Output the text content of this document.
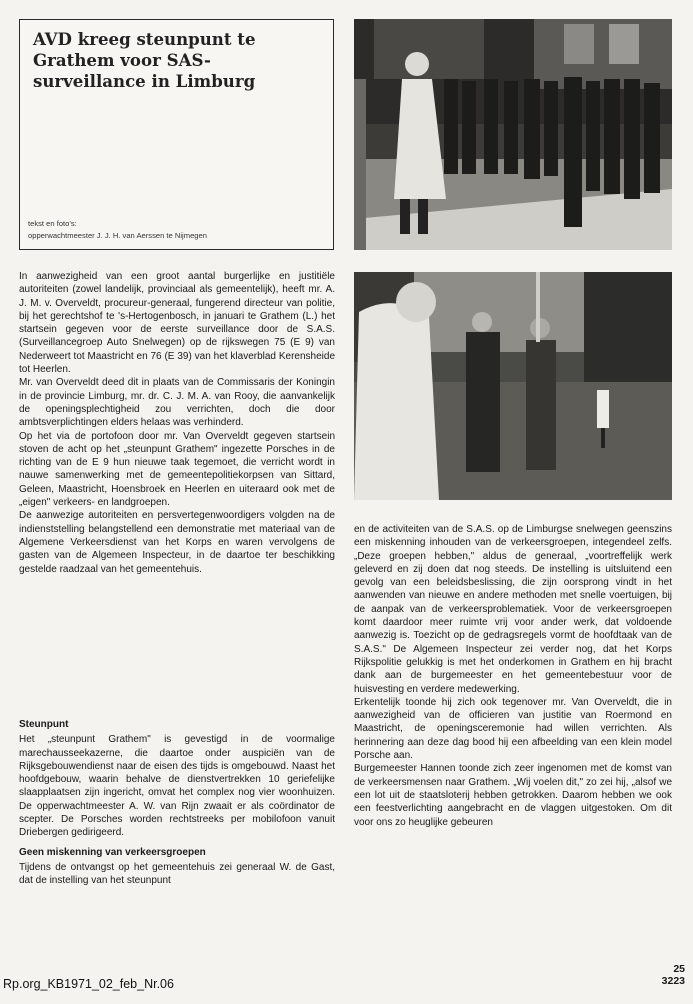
AVD kreeg steunpunt te Grathem voor SAS-surveillance in Limburg
tekst en foto's:
opperwachtmeester J. J. H. van Aerssen te Nijmegen

In aanwezigheid van een groot aantal burgerlijke en justitiële autoriteiten (zowel landelijk, provinciaal als gemeentelijk), heeft mr. A. J. M. v. Overveldt, procureur-generaal, fungerend directeur van politie, bij het gerechtshof te 's-Hertogenbosch, in januari te Grathem (L.) het startsein gegeven voor de eerste surveillance door de S.A.S. (Surveillancegroep Auto Snelwegen) op de rijkswegen 75 (E 9) van Nederweert tot Maastricht en 76 (E 39) van het klaverblad Kerensheide tot Heerlen.

Mr. van Overveldt deed dit in plaats van de Commissaris der Koningin in de provincie Limburg, mr. dr. C. J. M. A. van Rooy, die aanvankelijk de openingsplechtigheid zou verrichten, doch die door ambtsverplichtingen elders helaas was verhinderd.

Op het via de portofoon door mr. Van Overveldt gegeven startsein stoven de acht op het „steunpunt Grathem" ingezette Porsches in de richting van de E 9 hun nieuwe taak tegemoet, die verricht wordt in nauwe samenwerking met de gemeentepolitiekorpsen van Sittard, Geleen, Maastricht, Hoensbroek en Heerlen en uiteraard ook met de „eigen" verkeers- en landgroepen.

De aanwezige autoriteiten en persvertegenwoordigers volgden na de indienststelling belangstellend een demonstratie met materiaal van de Algemene Verkeersdienst van het Korps en waren vervolgens de gasten van de Algemeen Inspecteur, in de daartoe ter beschikking gestelde raadzaal van het gemeentehuis.

Steunpunt

Het „steunpunt Grathem" is gevestigd in de voormalige marechausseekazerne, die daartoe onder auspiciën van de Rijksgebouwendienst naar de eisen des tijds is omgebouwd. Naast het hoofdgebouw, waarin behalve de dienstvertrekken 10 geriefelijke slaapplaatsen zijn ingericht, omvat het complex nog vier woonhuizen. De opperwachtmeester A. W. van Rijn zwaait er als coördinator de scepter. De Porsches worden rechtstreeks per mobilofoon vanuit Driebergen gedirigeerd.

Geen miskenning van verkeersgroepen

Tijdens de ontvangst op het gemeentehuis zei generaal W. de Gast, dat de instelling van het steunpunt

en de activiteiten van de S.A.S. op de Limburgse snelwegen geenszins een miskenning inhouden van de verkeersgroepen, integendeel zelfs. „Deze groepen hebben," aldus de generaal, „voortreffelijk werk geleverd en zij doen dat nog steeds. De instelling is uitsluitend een gevolg van een beleidsbeslissing, die zijn oorsprong vindt in het aanwenden van nieuwe en andere methoden met snelle voertuigen, bij de aanpak van de verkeersproblematiek. Voor de verkeersgroepen komt daardoor meer ruimte vrij voor ander werk, dat voldoende aanwezig is. Toezicht op de gedragsregels vormt de hoofdtaak van de S.A.S." De Algemeen Inspecteur zei verder nog, dat het Korps Rijkspolitie gelukkig is met het onderkomen in Grathem en hij bracht dank aan de burgemeester en het gemeentebestuur voor de huisvesting en verdere medewerking.

Erkentelijk toonde hij zich ook tegenover mr. Van Overveldt, die in aanwezigheid van de officieren van justitie van Roermond en Maastricht, de openingsceremonie had willen verrichten. Als herinnering aan deze dag bood hij een afbeelding van een klein model Porsche aan.

Burgemeester Hannen toonde zich zeer ingenomen met de komst van de verkeersmensen naar Grathem. „Wij voelen dit," zo zei hij, „alsof we een lot uit de staatsloterij hebben getrokken. Daarom hebben we ook een feestverlichting aangebracht en de vlaggen uitgestoken. Om dit voor ons zo heuglijke gebeuren

Rp.org_KB1971_02_feb_Nr.06
25
3223
